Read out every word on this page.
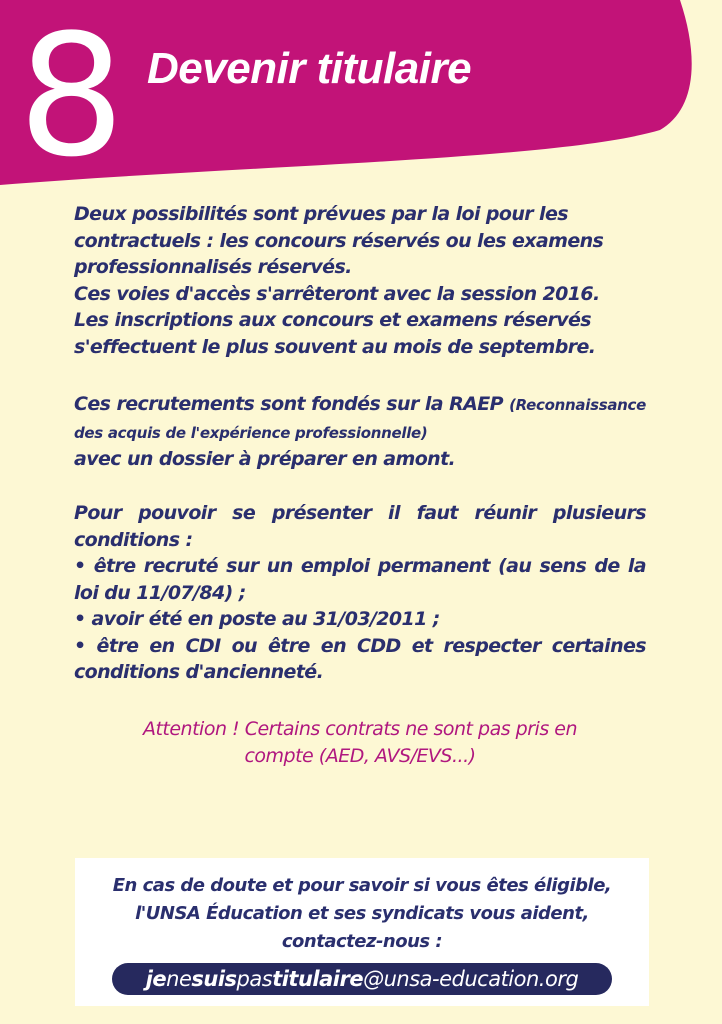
8 Devenir titulaire

Deux possibilités sont prévues par la loi pour les

contractuels : les concours réservés ou les examens

professionnalisés réservés.

Ces voies d'accès s'arrêteront avec la session 2016.

Les inscriptions aux concours et examens réservés

s'effectuent le plus souvent au mois de septembre.

Ces recrutements sont fondés sur la RAEP (Reconnaissance des acquis de l'expérience professionnelle)

avec un dossier à préparer en amont.

Pour pouvoir se présenter il faut réunir plusieurs conditions :

• être recruté sur un emploi permanent (au sens de la loi du 11/07/84) ;

• avoir été en poste au 31/03/2011 ;

• être en CDI ou être en CDD et respecter certaines conditions d'ancienneté.

Attention ! Certains contrats ne sont pas pris en
compte (AED, AVS/EVS...)
En cas de doute et pour savoir si vous êtes éligible,
l'UNSA Éducation et ses syndicats vous aident,
contactez-nous :
jenesuispastitulaire@unsa-education.org
